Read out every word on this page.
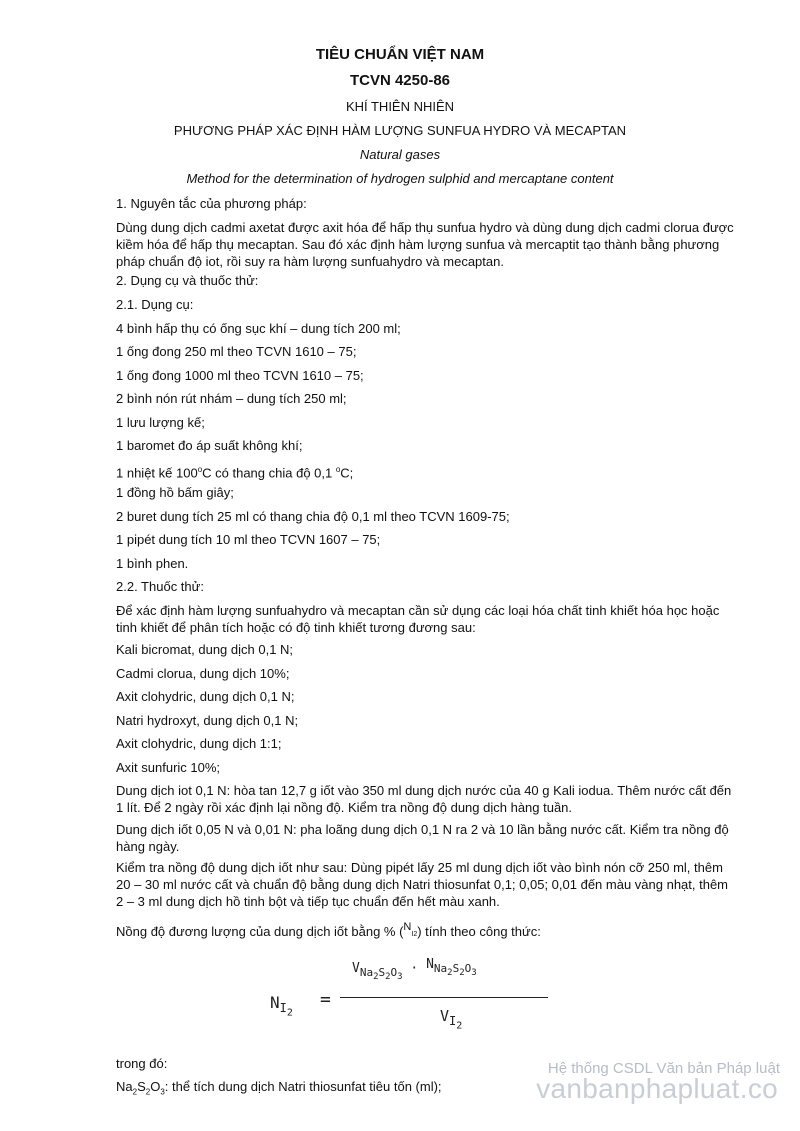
TIÊU CHUẨN VIỆT NAM
TCVN 4250-86
KHÍ THIÊN NHIÊN
PHƯƠNG PHÁP XÁC ĐỊNH HÀM LƯỢNG SUNFUA HYDRO VÀ MECAPTAN
Natural gases
Method for the determination of hydrogen sulphid and mercaptane content
1. Nguyên tắc của phương pháp:
Dùng dung dịch cadmi axetat được axit hóa để hấp thụ sunfua hydro và dùng dung dịch cadmi clorua được kiềm hóa để hấp thụ mecaptan. Sau đó xác định hàm lượng sunfua và mercaptit tạo thành bằng phương pháp chuẩn độ iot, rồi suy ra hàm lượng sunfuahydro và mecaptan.
2. Dụng cụ và thuốc thử:
2.1. Dụng cụ:
4 bình hấp thụ có ống sục khí – dung tích 200 ml;
1 ống đong 250 ml theo TCVN 1610 – 75;
1 ống đong 1000 ml theo TCVN 1610 – 75;
2 bình nón rút nhám – dung tích 250 ml;
1 lưu lượng kế;
1 baromet đo áp suất không khí;
1 nhiệt kế 100$^o$C có thang chia độ 0,1 $^o$C;
1 đồng hồ bấm giây;
2 buret dung tích 25 ml có thang chia độ 0,1 ml theo TCVN 1609-75;
1 pipét dung tích 10 ml theo TCVN 1607 – 75;
1 bình phen.
2.2. Thuốc thử:
Để xác định hàm lượng sunfuahydro và mecaptan cần sử dụng các loại hóa chất tinh khiết hóa học hoặc tinh khiết để phân tích hoặc có độ tinh khiết tương đương sau:
Kali bicromat, dung dịch 0,1 N;
Cadmi clorua, dung dịch 10%;
Axit clohydric, dung dịch 0,1 N;
Natri hydroxyt, dung dịch 0,1 N;
Axit clohydric, dung dịch 1:1;
Axit sunfuric 10%;
Dung dịch iot 0,1 N: hòa tan 12,7 g iốt vào 350 ml dung dịch nước của 40 g Kali iodua. Thêm nước cất đến 1 lít. Để 2 ngày rồi xác định lại nồng độ. Kiểm tra nồng độ dung dịch hàng tuần.
Dung dịch iốt 0,05 N và 0,01 N: pha loãng dung dịch 0,1 N ra 2 và 10 lần bằng nước cất. Kiểm tra nồng độ hàng ngày.
Kiểm tra nồng độ dung dịch iốt như sau: Dùng pipét lấy 25 ml dung dịch iốt vào bình nón cỡ 250 ml, thêm 20 – 30 ml nước cất và chuẩn độ bằng dung dịch Natri thiosunfat 0,1; 0,05; 0,01 đến màu vàng nhạt, thêm 2 – 3 ml dung dịch hồ tinh bột và tiếp tục chuẩn đến hết màu xanh.
Nồng độ đương lượng của dung dịch iốt bằng % ($^N$I2) tính theo công thức:
$N_{I_2}$
=
$V_{Na_2S_2O_3} \cdot NNa_2S_2O_3$
$V_{I_2}$
trong đó:
$Na_2S_2O_3$: thể tích dung dịch Natri thiosunfat tiêu tốn (ml);
Hệ thống CSDL Văn bản Pháp luật
vanbanphapluat.co
